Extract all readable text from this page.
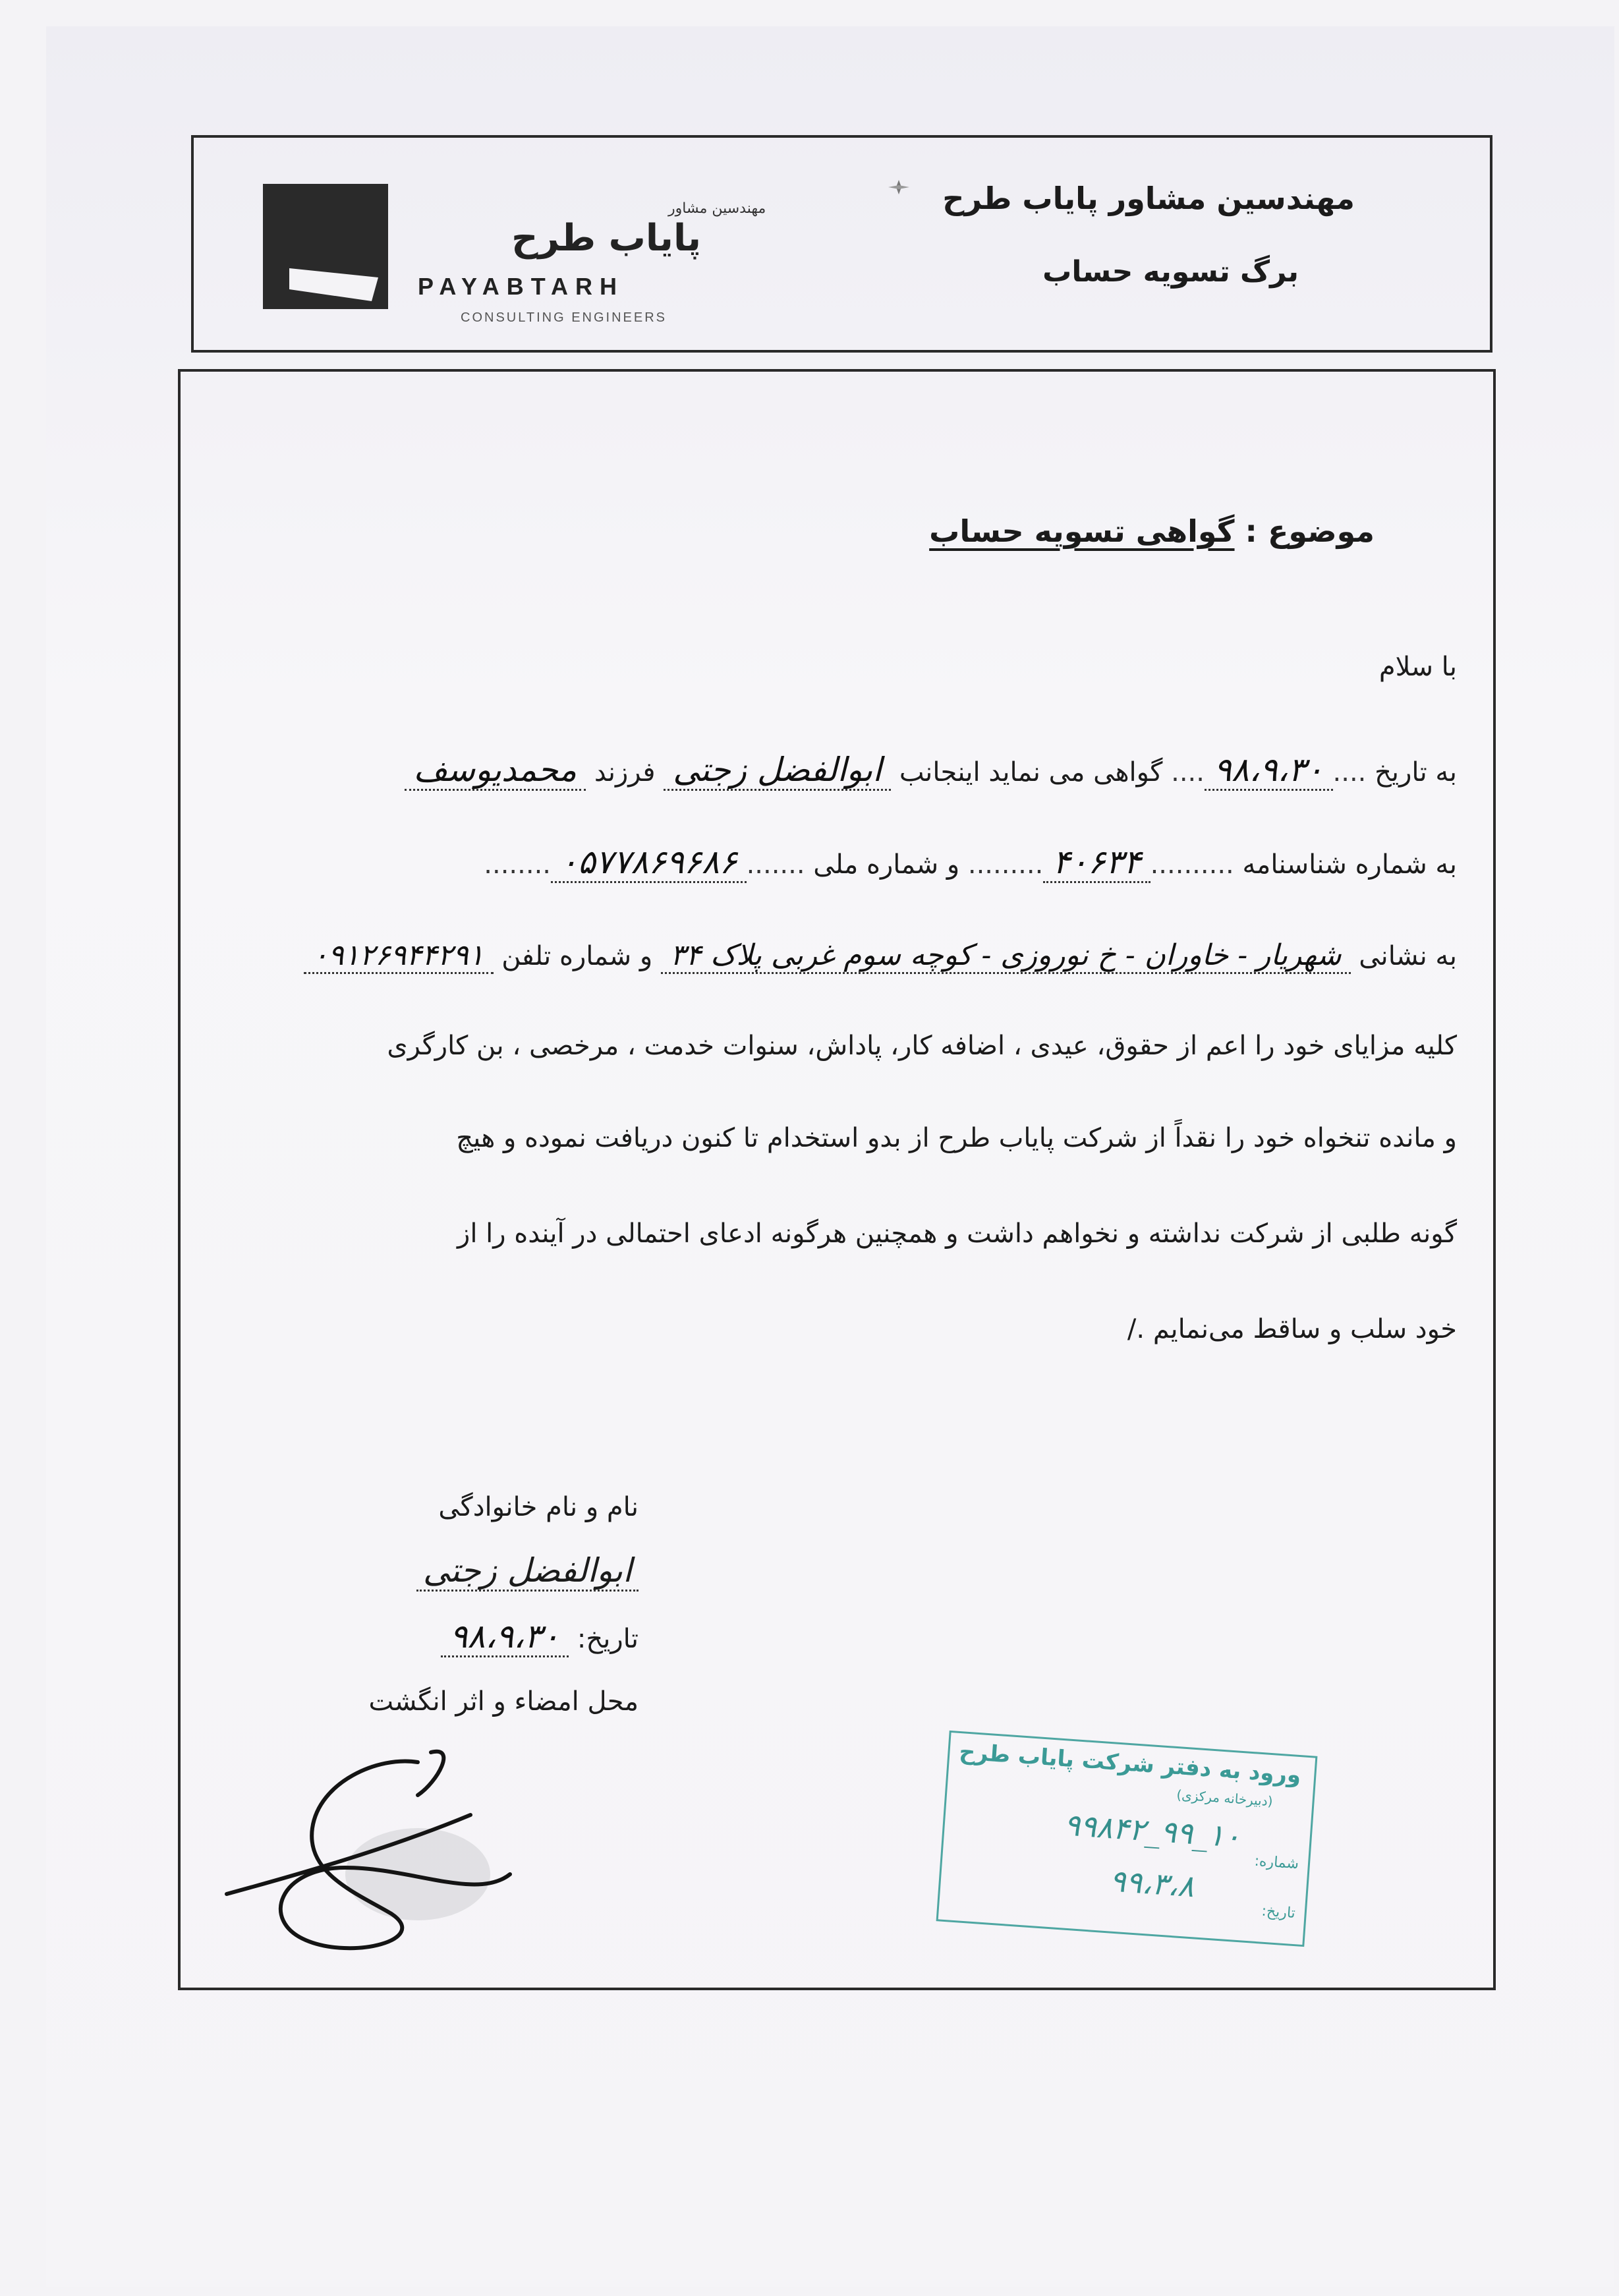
مهندسین مشاور پایاب طرح

برگ تسویه حساب

مهندسین مشاور

پایاب طرح

PAYABTARH

CONSULTING ENGINEERS

موضوع : گواهی تسویه حساب

با سلام

به تاریخ ....۹۸،۹،۳۰.... گواهی می نماید اینجانب ابوالفضل زجتی فرزند محمدیوسف

به شماره شناسنامه ..........۴۰۶۳۴......... و شماره ملی .......۰۵۷۷۸۶۹۶۸۶........

به نشانی شهریار - خاوران - خ نوروزی - کوچه سوم غربی پلاک ۳۴ و شماره تلفن ۰۹۱۲۶۹۴۴۲۹۱

کلیه مزایای خود را اعم از حقوق، عیدی ، اضافه کار، پاداش، سنوات خدمت ، مرخصی ، بن کارگری

و مانده تنخواه خود را نقداً از شرکت پایاب طرح از بدو استخدام تا کنون دریافت نموده و هیچ

گونه طلبی از شرکت نداشته و نخواهم داشت و همچنین هرگونه ادعای احتمالی در آینده را از

خود سلب و ساقط می‌نمایم ./

نام و نام خانوادگی

ابوالفضل زجتی

تاریخ: ۹۸،۹،۳۰

محل امضاء و اثر انگشت

ورود به دفتر شرکت پایاب طرح

(دبیرخانه مرکزی)

شماره:

تاریخ:

۱۰_۹۹_۹۹۸۴۲

۹۹،۳،۸
